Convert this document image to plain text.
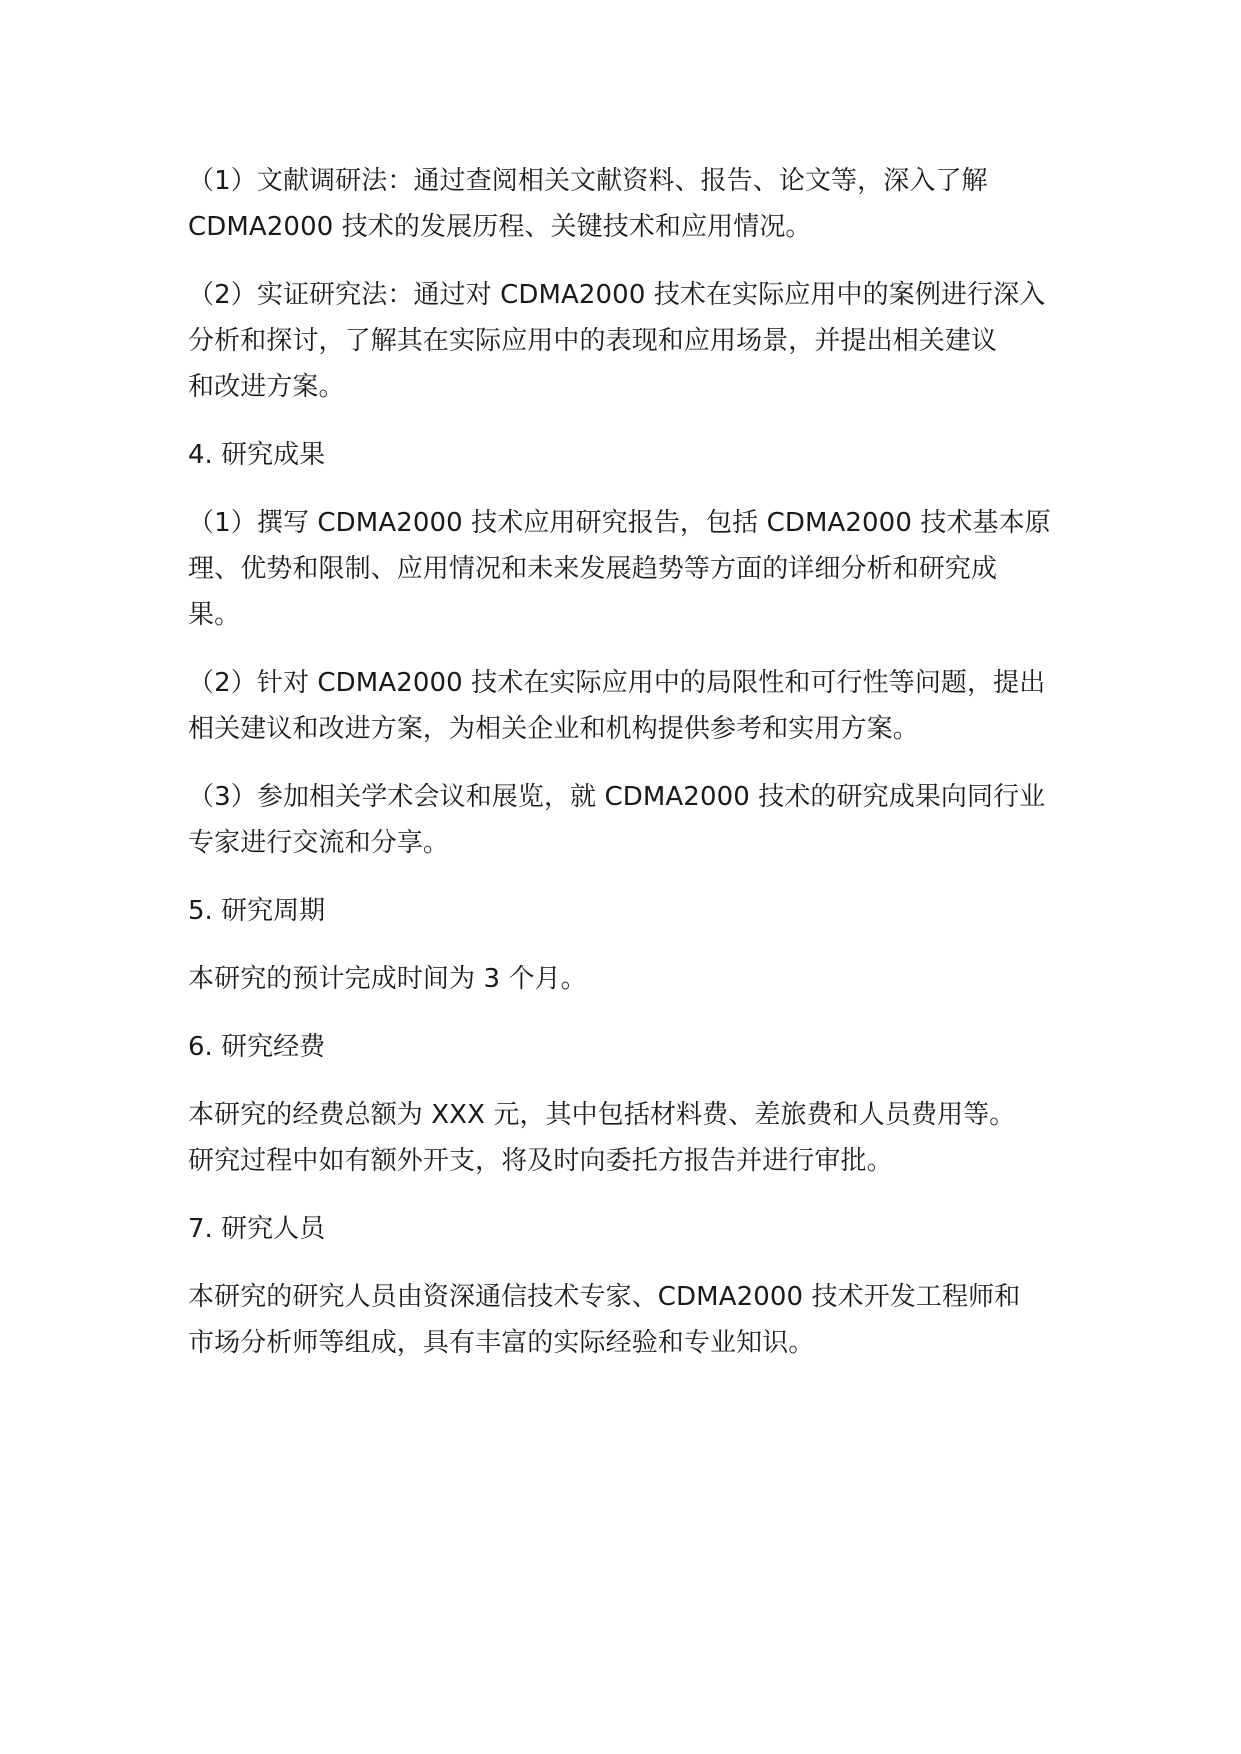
（1）文献调研法：通过查阅相关文献资料、报告、论文等，深入了解
CDMA2000 技术的发展历程、关键技术和应用情况。
（2）实证研究法：通过对 CDMA2000 技术在实际应用中的案例进行深入
分析和探讨，了解其在实际应用中的表现和应用场景，并提出相关建议
和改进方案。
4. 研究成果
（1）撰写 CDMA2000 技术应用研究报告，包括 CDMA2000 技术基本原
理、优势和限制、应用情况和未来发展趋势等方面的详细分析和研究成
果。
（2）针对 CDMA2000 技术在实际应用中的局限性和可行性等问题，提出
相关建议和改进方案，为相关企业和机构提供参考和实用方案。
（3）参加相关学术会议和展览，就 CDMA2000 技术的研究成果向同行业
专家进行交流和分享。
5. 研究周期
本研究的预计完成时间为 3 个月。
6. 研究经费
本研究的经费总额为 XXX 元，其中包括材料费、差旅费和人员费用等。
研究过程中如有额外开支，将及时向委托方报告并进行审批。
7. 研究人员
本研究的研究人员由资深通信技术专家、CDMA2000 技术开发工程师和
市场分析师等组成，具有丰富的实际经验和专业知识。
